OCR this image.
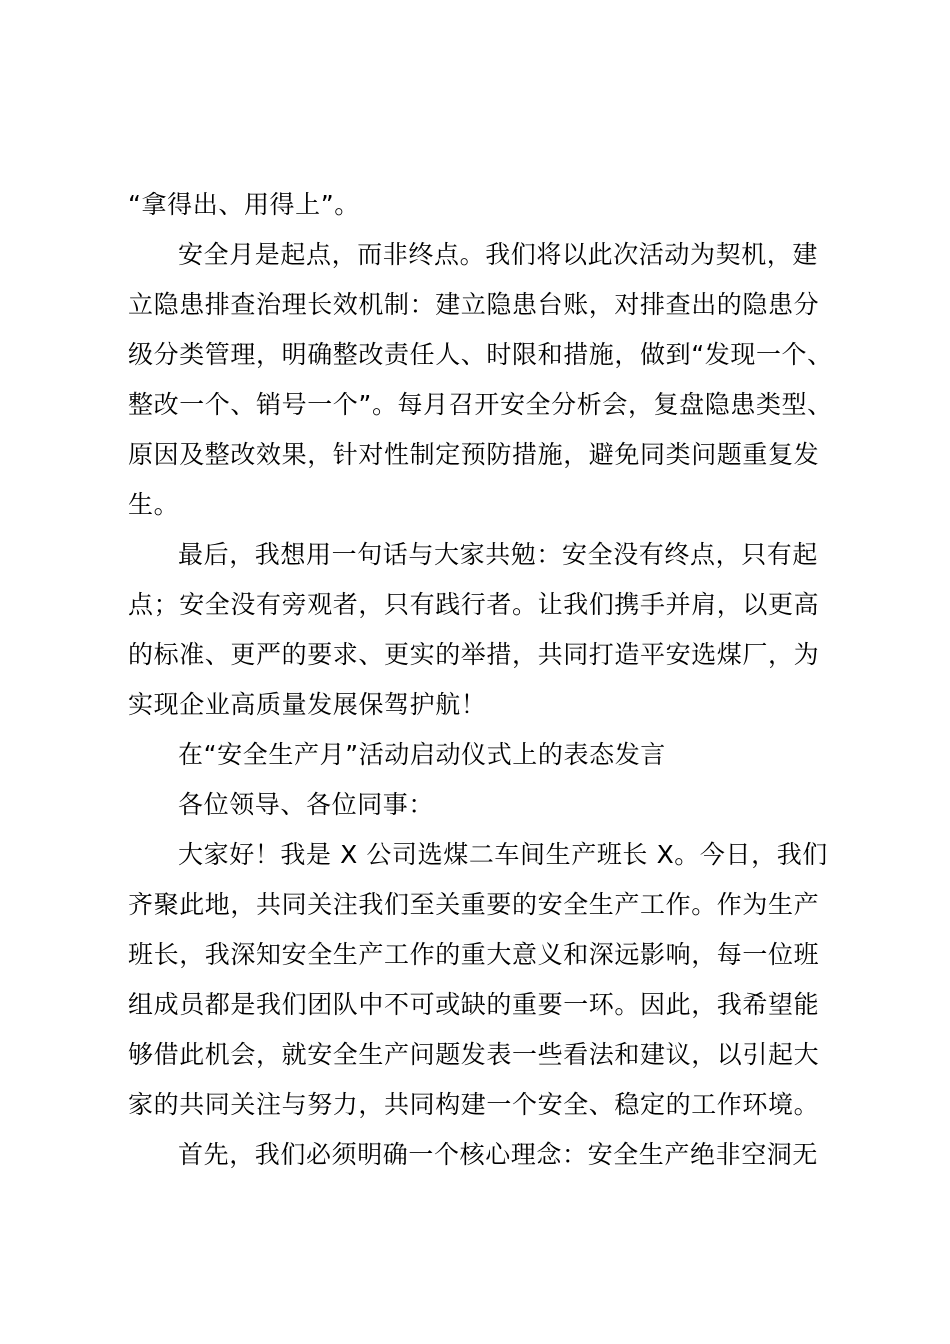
“拿得出、用得上”。
安全月是起点，而非终点。我们将以此次活动为契机，建
立隐患排查治理长效机制：建立隐患台账，对排查出的隐患分
级分类管理，明确整改责任人、时限和措施，做到“发现一个、
整改一个、销号一个”。每月召开安全分析会，复盘隐患类型、
原因及整改效果，针对性制定预防措施，避免同类问题重复发
生。
最后，我想用一句话与大家共勉：安全没有终点，只有起
点；安全没有旁观者，只有践行者。让我们携手并肩，以更高
的标准、更严的要求、更实的举措，共同打造平安选煤厂，为
实现企业高质量发展保驾护航！
在“安全生产月”活动启动仪式上的表态发言
各位领导、各位同事：
大家好！我是 X 公司选煤二车间生产班长 X。今日，我们
齐聚此地，共同关注我们至关重要的安全生产工作。作为生产
班长，我深知安全生产工作的重大意义和深远影响，每一位班
组成员都是我们团队中不可或缺的重要一环。因此，我希望能
够借此机会，就安全生产问题发表一些看法和建议，以引起大
家的共同关注与努力，共同构建一个安全、稳定的工作环境。
首先，我们必须明确一个核心理念：安全生产绝非空洞无
